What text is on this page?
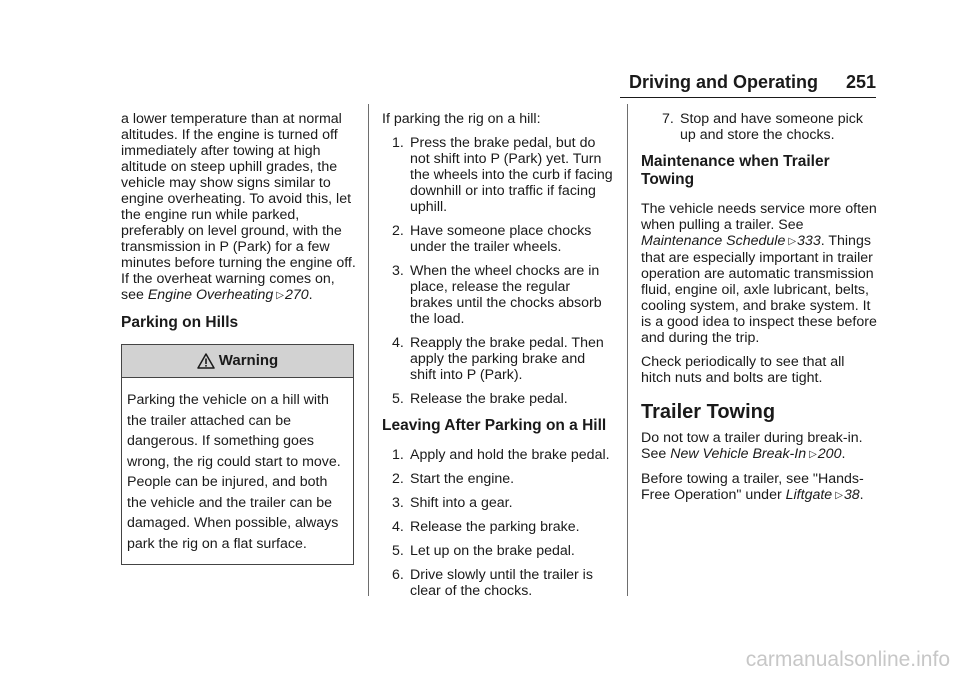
Driving and Operating 251

a lower temperature than at normal altitudes. If the engine is turned off immediately after towing at high altitude on steep uphill grades, the vehicle may show signs similar to engine overheating. To avoid this, let the engine run while parked, preferably on level ground, with the transmission in P (Park) for a few minutes before turning the engine off. If the overheat warning comes on, see Engine Overheating ▷270.

Parking on Hills
Warning
Parking the vehicle on a hill with the trailer attached can be dangerous. If something goes wrong, the rig could start to move. People can be injured, and both the vehicle and the trailer can be damaged. When possible, always park the rig on a flat surface.

If parking the rig on a hill:

1. Press the brake pedal, but do not shift into P (Park) yet. Turn the wheels into the curb if facing downhill or into traffic if facing uphill.
2. Have someone place chocks under the trailer wheels.
3. When the wheel chocks are in place, release the regular brakes until the chocks absorb the load.
4. Reapply the brake pedal. Then apply the parking brake and shift into P (Park).
5. Release the brake pedal.
Leaving After Parking on a Hill
1. Apply and hold the brake pedal.
2. Start the engine.
3. Shift into a gear.
4. Release the parking brake.
5. Let up on the brake pedal.
6. Drive slowly until the trailer is clear of the chocks.
7. Stop and have someone pick up and store the chocks.
Maintenance when Trailer Towing

The vehicle needs service more often when pulling a trailer. See Maintenance Schedule ▷333. Things that are especially important in trailer operation are automatic transmission fluid, engine oil, axle lubricant, belts, cooling system, and brake system. It is a good idea to inspect these before and during the trip.

Check periodically to see that all hitch nuts and bolts are tight.

Trailer Towing

Do not tow a trailer during break-in. See New Vehicle Break-In ▷200.

Before towing a trailer, see "Hands-Free Operation" under Liftgate ▷38.

carmanualsonline.info
